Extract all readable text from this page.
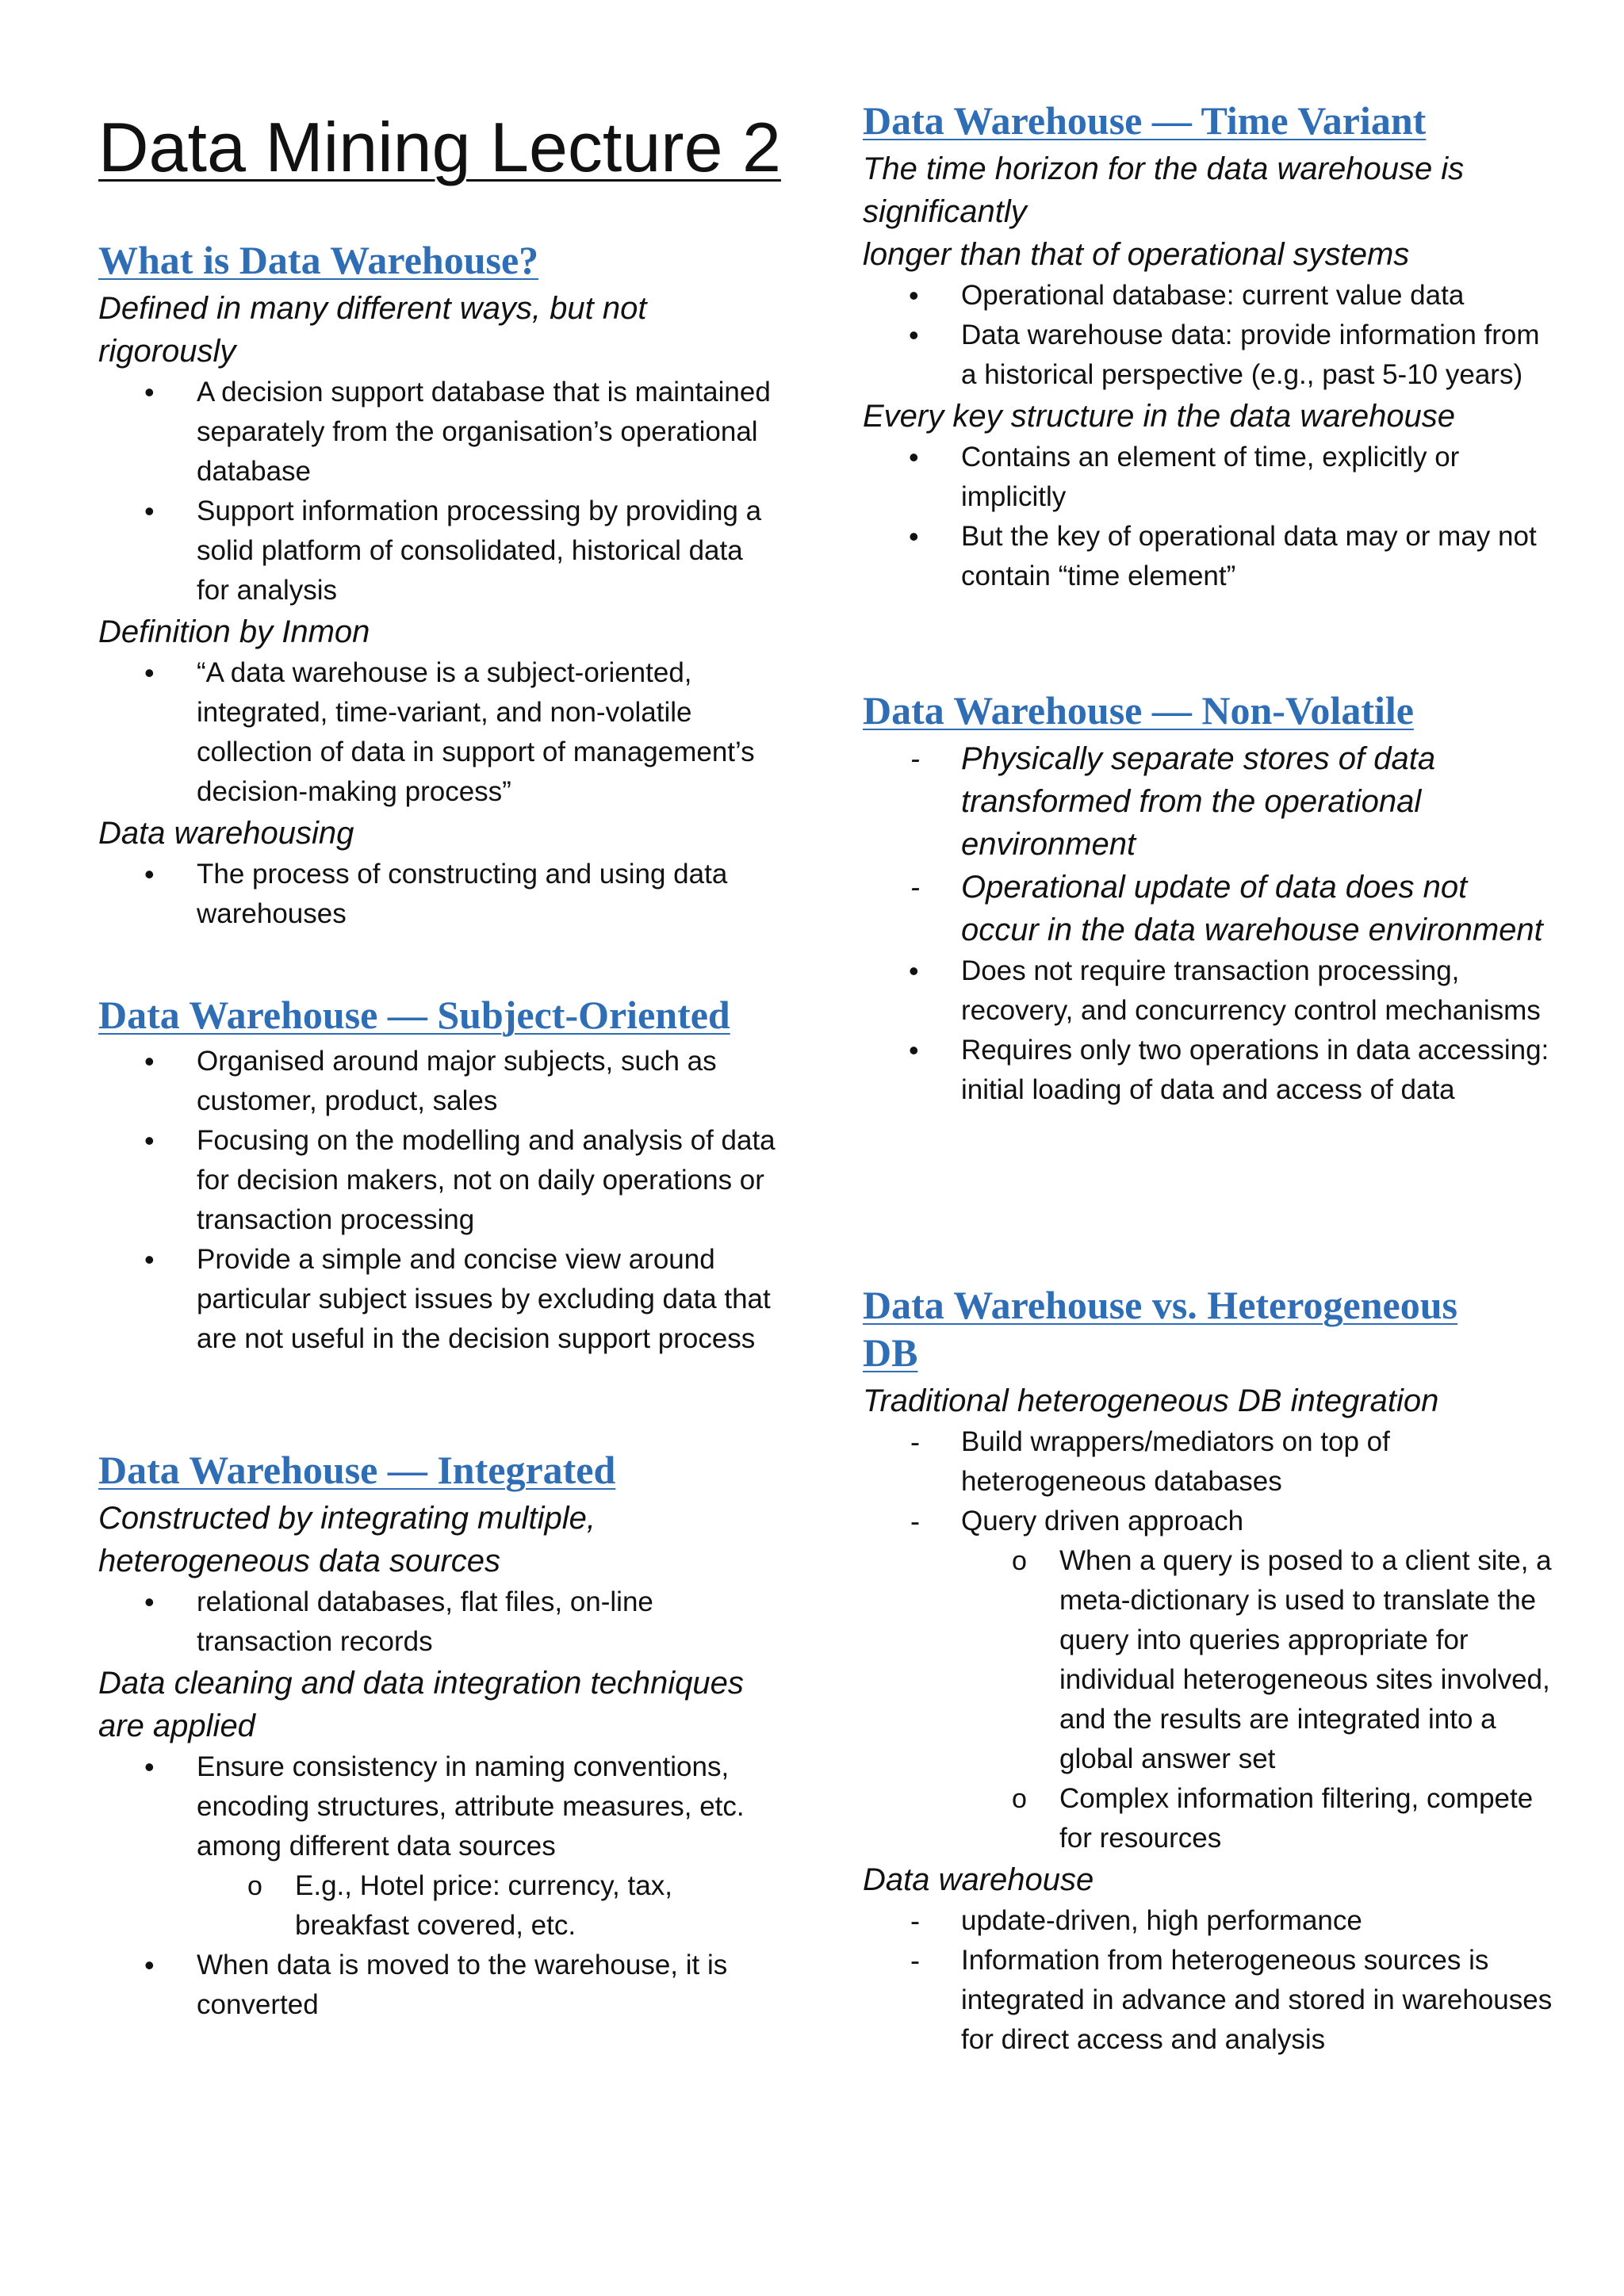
Data Mining Lecture 2
What is Data Warehouse?

Defined in many different ways, but not rigorously

• A decision support database that is maintained separately from the organisation’s operational database
• Support information processing by providing a solid platform of consolidated, historical data for analysis

Definition by Inmon

• “A data warehouse is a subject-oriented, integrated, time-variant, and non-volatile collection of data in support of management’s decision-making process”

Data warehousing

• The process of constructing and using data warehouses
Data Warehouse — Subject-Oriented
• Organised around major subjects, such as customer, product, sales
• Focusing on the modelling and analysis of data for decision makers, not on daily operations or transaction processing
• Provide a simple and concise view around particular subject issues by excluding data that are not useful in the decision support process
Data Warehouse — Integrated

Constructed by integrating multiple, heterogeneous data sources

• relational databases, flat files, on-line transaction records

Data cleaning and data integration techniques are applied

• Ensure consistency in naming conventions, encoding structures, attribute measures, etc. among different data sources
o E.g., Hotel price: currency, tax, breakfast covered, etc.
• When data is moved to the warehouse, it is converted
Data Warehouse — Time Variant

The time horizon for the data warehouse is significantly

longer than that of operational systems

• Operational database: current value data
• Data warehouse data: provide information from a historical perspective (e.g., past 5-10 years)

Every key structure in the data warehouse

• Contains an element of time, explicitly or implicitly
• But the key of operational data may or may not contain “time element”
Data Warehouse — Non-Volatile
- Physically separate stores of data transformed from the operational environment
- Operational update of data does not occur in the data warehouse environment
• Does not require transaction processing, recovery, and concurrency control mechanisms
• Requires only two operations in data accessing: initial loading of data and access of data
Data Warehouse vs. Heterogeneous DB

Traditional heterogeneous DB integration

- Build wrappers/mediators on top of heterogeneous databases
- Query driven approach
o When a query is posed to a client site, a meta-dictionary is used to translate the query into queries appropriate for individual heterogeneous sites involved, and the results are integrated into a global answer set
o Complex information filtering, compete for resources

Data warehouse

- update-driven, high performance
- Information from heterogeneous sources is integrated in advance and stored in warehouses for direct access and analysis
